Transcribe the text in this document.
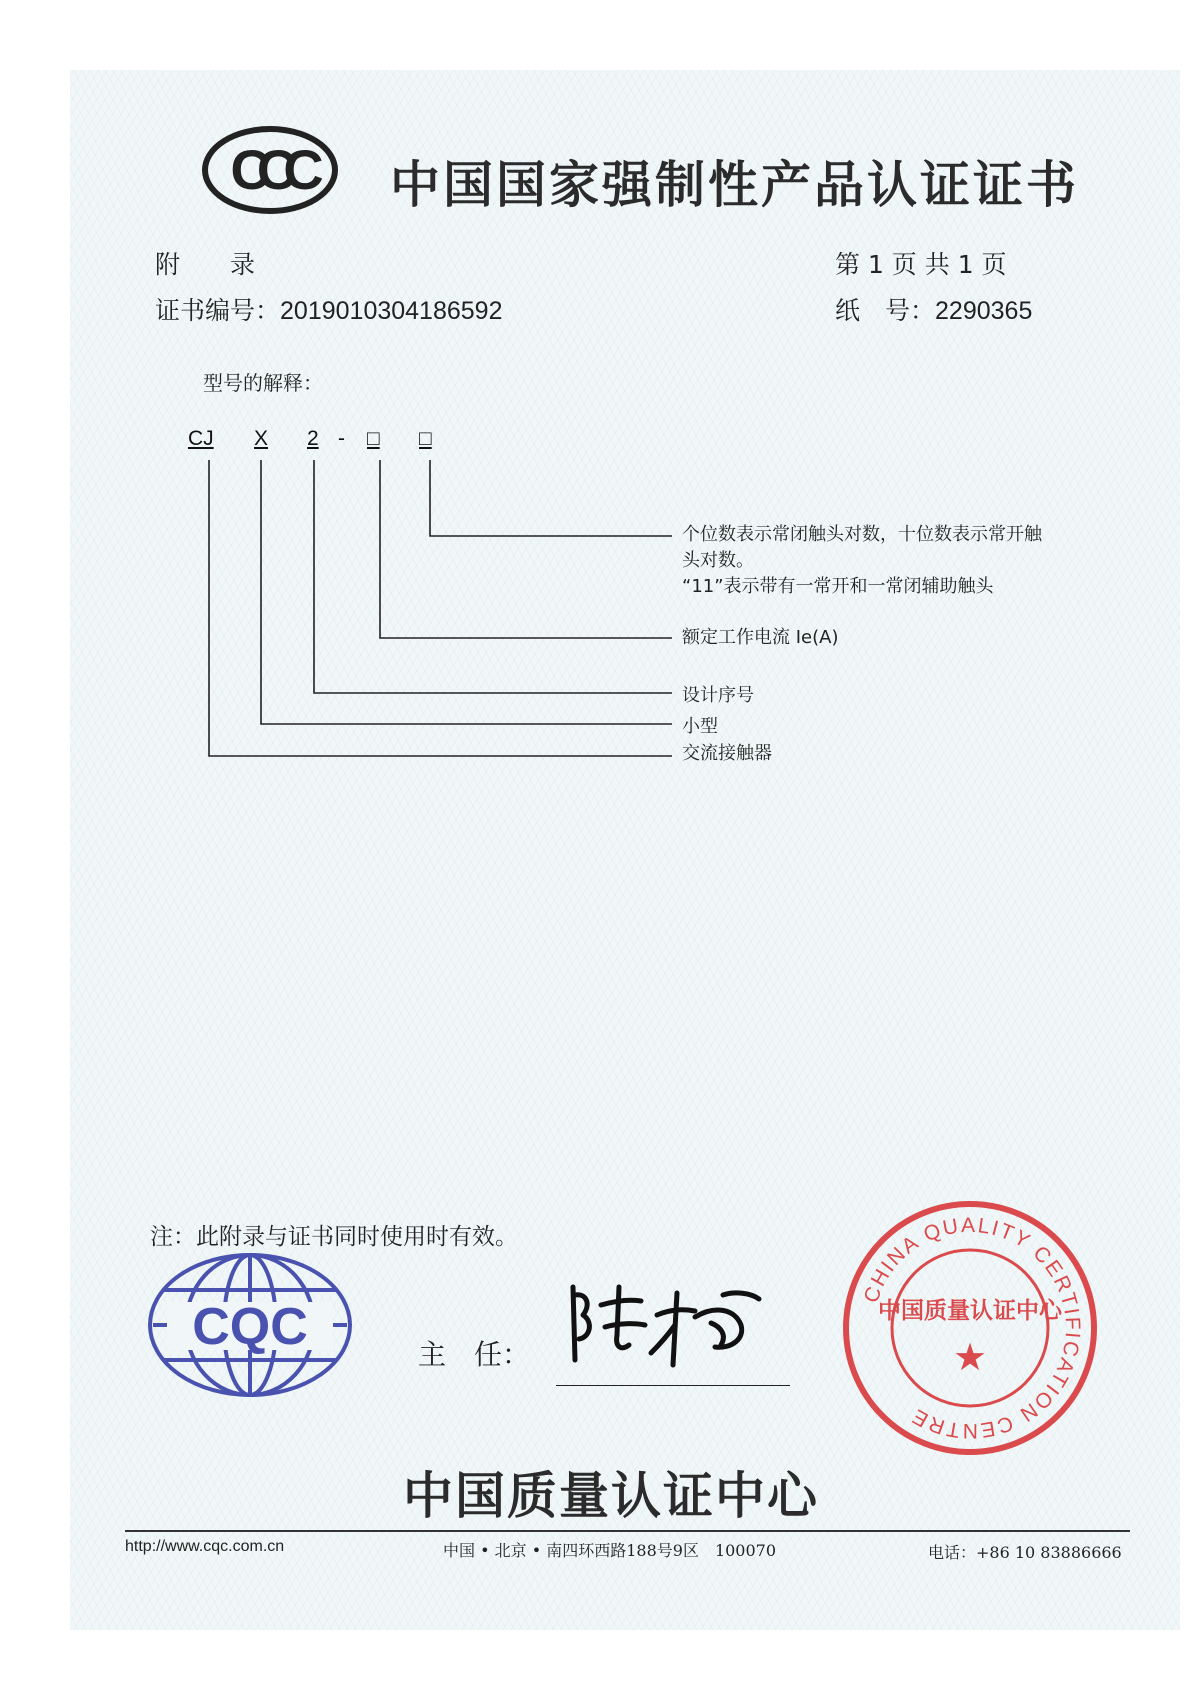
CCC 中国国家强制性产品认证证书
附　　录	第 1 页 共 1 页
证书编号：2019010304186592	纸　号：2290365
型号的解释：
CJ X 2 - □ □
个位数表示常闭触头对数，十位数表示常开触
头对数。
“11”表示带有一常开和一常闭辅助触头
额定工作电流 Ie(A)
设计序号
小型
交流接触器
注：此附录与证书同时使用时有效。
CQC	主　任：
CHINA QUALITY CERTIFICATION CENTRE
中国质量认证中心
★
中国质量认证中心
http://www.cqc.com.cn	中国 • 北京 • 南四环西路188号9区　100070	电话：+86 10 83886666
